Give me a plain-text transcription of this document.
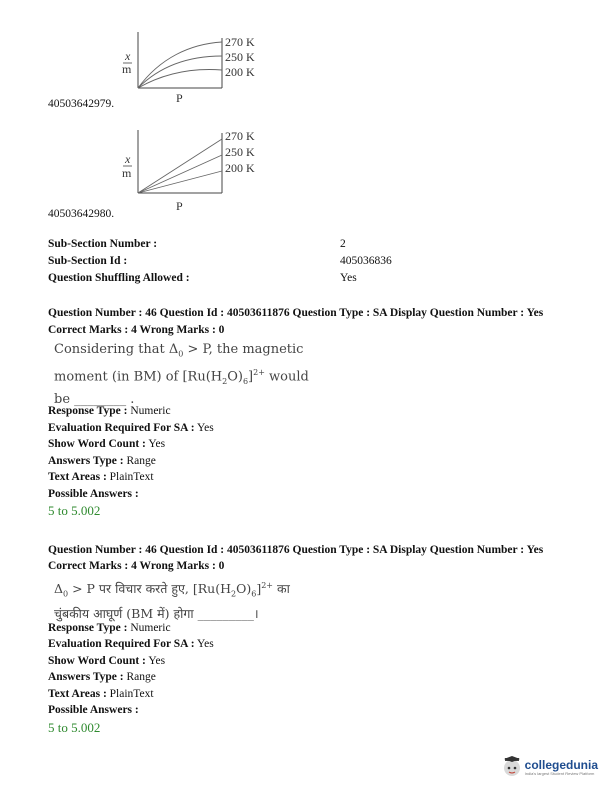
x
m
P
270 K
250 K
200 K
40503642979.
x
m
P
270 K
250 K
200 K
40503642980.
Sub-Section Number :	2
Sub-Section Id :	405036836
Question Shuffling Allowed :	Yes
Question Number : 46 Question Id : 40503611876 Question Type : SA Display Question Number : Yes
Correct Marks : 4 Wrong Marks : 0
Considering that $\Delta_0 > P$, the magnetic
moment (in BM) of $[Ru(H_2O)_6]^{2+}$ would
be ________ .
Response Type : Numeric
Evaluation Required For SA : Yes
Show Word Count : Yes
Answers Type : Range
Text Areas : PlainText
Possible Answers :
5 to 5.002
Question Number : 46 Question Id : 40503611876 Question Type : SA Display Question Number : Yes
Correct Marks : 4 Wrong Marks : 0
$\Delta_0 > P$ पर विचार करते हुए, $[Ru(H_2O)_6]^{2+}$ का
चुंबकीय आघूर्ण (BM में) होगा _________।
Response Type : Numeric
Evaluation Required For SA : Yes
Show Word Count : Yes
Answers Type : Range
Text Areas : PlainText
Possible Answers :
5 to 5.002
collegedunia
India's largest Student Review Platform
